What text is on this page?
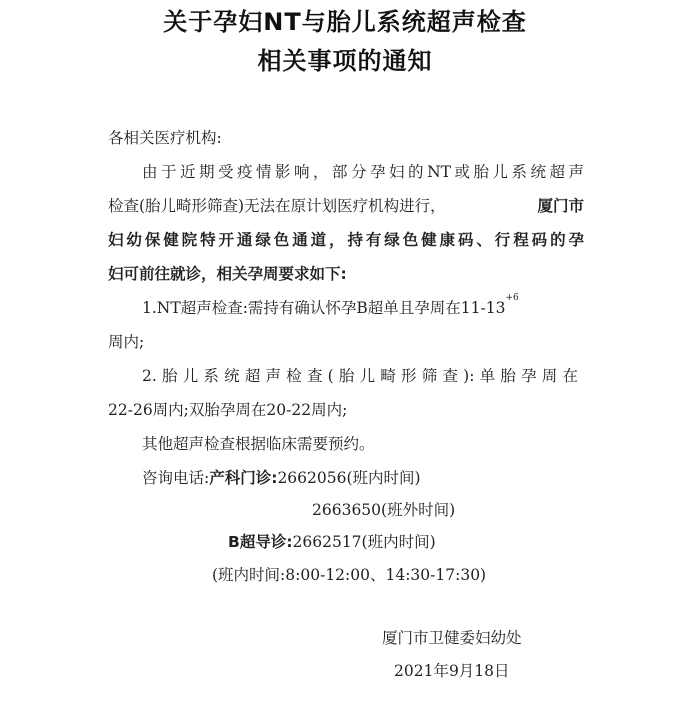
关于孕妇NT与胎儿系统超声检查
相关事项的通知
各相关医疗机构:
由于近期受疫情影响，部分孕妇的NT或胎儿系统超声
检查(胎儿畸形筛查)无法在原计划医疗机构进行，	厦门市
妇幼保健院特开通绿色通道，持有绿色健康码、行程码的孕
妇可前往就诊，相关孕周要求如下:
1.NT超声检查:需持有确认怀孕B超单且孕周在$11-13^{+6}$
周内;
2.胎儿系统超声检查(胎儿畸形筛查):单胎孕周在
22-26周内;双胎孕周在20-22周内;
其他超声检查根据临床需要预约。
咨询电话:产科门诊:2662056(班内时间)
2663650(班外时间)
B超导诊:2662517(班内时间)
(班内时间:8:00-12:00、14:30-17:30)
厦门市卫健委妇幼处
2021年9月18日
